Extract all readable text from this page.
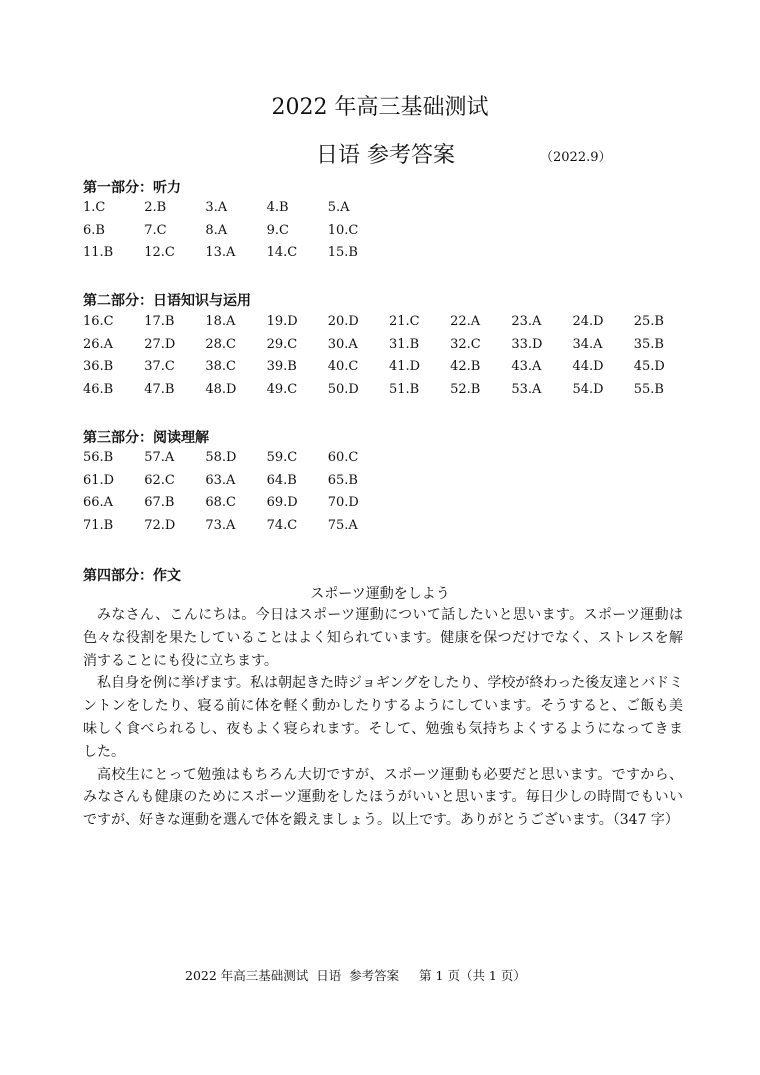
2022 年高三基础测试
日语 参考答案	（2022.9）
第一部分：听力
1.C	2.B	3.A	4.B	5.A
6.B	7.C	8.A	9.C	10.C
11.B	12.C	13.A	14.C	15.B
第二部分：日语知识与运用
16.C	17.B	18.A	19.D	20.D	21.C	22.A	23.A	24.D	25.B
26.A	27.D	28.C	29.C	30.A	31.B	32.C	33.D	34.A	35.B
36.B	37.C	38.C	39.B	40.C	41.D	42.B	43.A	44.D	45.D
46.B	47.B	48.D	49.C	50.D	51.B	52.B	53.A	54.D	55.B
第三部分：阅读理解
56.B	57.A	58.D	59.C	60.C
61.D	62.C	63.A	64.B	65.B
66.A	67.B	68.C	69.D	70.D
71.B	72.D	73.A	74.C	75.A
第四部分：作文
スポーツ運動をしよう

みなさん、こんにちは。今日はスポーツ運動について話したいと思います。スポーツ運動は色々な役割を果たしていることはよく知られています。健康を保つだけでなく、ストレスを解消することにも役に立ちます。

私自身を例に挙げます。私は朝起きた時ジョギングをしたり、学校が終わった後友達とバドミントンをしたり、寝る前に体を軽く動かしたりするようにしています。そうすると、ご飯も美味しく食べられるし、夜もよく寝られます。そして、勉強も気持ちよくするようになってきました。

高校生にとって勉強はもちろん大切ですが、スポーツ運動も必要だと思います。ですから、みなさんも健康のためにスポーツ運動をしたほうがいいと思います。毎日少しの時間でもいいですが、好きな運動を選んで体を鍛えましょう。以上です。ありがとうございます。（347 字）

2022 年高三基础测试  日语  参考答案     第 1 页（共 1 页）
